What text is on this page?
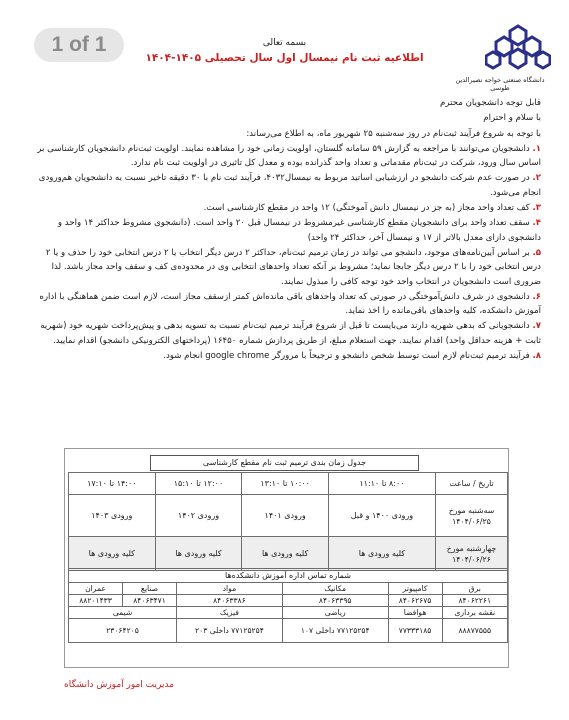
1 of 1
دانشگاه صنعتی خواجه نصیرالدین طوسی
بسمه تعالی
اطلاعیه ثبت نام نیمسال اول سال تحصیلی ۱۴۰۵-۱۴۰۴

قابل توجه دانشجویان محترم

با سلام و احترام

با توجه به شروع فرآیند ثبت‌نام در روز سه‌شنبه ۲۵ شهریور ماه، به اطلاع می‌رساند:

۱. دانشجویان می‌توانند با مراجعه به گزارش ۵۹ سامانه گلستان، اولویت زمانی خود را مشاهده نمایند. اولویت ثبت‌نام دانشجویان کارشناسی بر اساس سال ورود، شرکت در ثبت‌نام مقدماتی و تعداد واحد گذرانده بوده و معدل کل تاثیری در اولویت ثبت نام ندارد.

۲. در صورت عدم شرکت دانشجو در ارزشیابی اساتید مربوط به نیمسال۴۰۳۲، فرآیند ثبت نام با ۳۰ دقیقه تاخیر نسبت به دانشجویان هم‌ورودی انجام می‌شود.

۳. کف تعداد واحد مجاز (به جز در نیمسال دانش آموختگی) ۱۲ واحد در مقطع کارشناسی است.

۴. سقف تعداد واحد برای دانشجویان مقطع کارشناسی غیرمشروط در نیمسال قبل ۲۰ واحد است. (دانشجوی مشروط حداکثر ۱۴ واحد و دانشجوی دارای معدل بالاتر از ۱۷ و نیمسال آخر، حداکثر ۲۴ واحد)

۵. بر اساس آیین‌نامه‌های موجود، دانشجو می تواند در زمان ترمیم ثبت‌نام، حداکثر ۲ درس دیگر انتخاب یا ۲ درس انتخابی خود را حذف و یا ۲ درس انتخابی خود را با ۲ درس دیگر جابجا نماید؛ مشروط بر آنکه تعداد واحدهای انتخابی وی در محدوده‌ی کف و سقف واحد مجاز باشد. لذا ضروری است دانشجویان در انتخاب واحد خود توجه کافی را مبذول نمایند.

۶. دانشجوی در شرف دانش‌آموختگی در صورتی که تعداد واحدهای باقی مانده‌اش کمتر ازسقف مجاز است، لازم است ضمن هماهنگی با اداره آموزش دانشکده، کلیه واحدهای باقی‌مانده را اخذ نماید.

۷. دانشجویانی که بدهی شهریه دارند می‌بایست تا قبل از شروع فرآیند ترمیم ثبت‌نام نسبت به تسویه بدهی و پیش‌پرداخت شهریه خود (شهریه ثابت + هزینه حداقل واحد) اقدام نمایند. جهت استعلام مبلغ، از طریق پردازش شماره ۱۶۴۵۰ (پرداختهای الکترونیکی دانشجو) اقدام نمایید.

۸. فرآیند ترمیم ثبت‌نام لازم است توسط شخص دانشجو و ترجیحاً با مرورگر google chrome انجام شود.

جدول زمان بندی ترمیم ثبت نام مقطع کارشناسی
تاریخ / ساعت	۸:۰۰ تا ۱۱:۱۰	۱۰:۰۰ تا ۱۳:۱۰	۱۲:۰۰ تا ۱۵:۱۰	۱۴:۰۰ تا ۱۷:۱۰
سه‌شنبه مورخ ۱۴۰۴/۰۶/۲۵	ورودی ۱۴۰۰ و قبل	ورودی ۱۴۰۱	ورودی ۱۴۰۲	ورودی ۱۴۰۳
چهارشنبه مورخ ۱۴۰۴/۰۶/۲۶	کلیه ورودی ها	کلیه ورودی ها	کلیه ورودی ها	کلیه ورودی ها
شماره تماس اداره آموزش دانشکده‌ها
برق	کامپیوتر	مکانیک	مواد	صنایع	عمران
۸۴۰۶۲۲۶۱	۸۴۰۶۲۶۷۵	۸۴۰۶۳۳۹۵	۸۴۰۶۳۳۸۶	۸۴۰۶۳۴۷۱	۸۸۲۰۱۴۳۳
نقشه برداری	هوافضا	ریاضی	فیزیک	شیمی	
۸۸۸۷۷۵۵۵	۷۷۳۳۳۱۸۵	۷۷۱۲۵۲۵۴ داخلی ۱۰۷	۷۷۱۲۵۲۵۴ داخلی ۲۰۳	۲۳۰۶۴۲۰۵	
مدیریت امور آموزش دانشگاه
